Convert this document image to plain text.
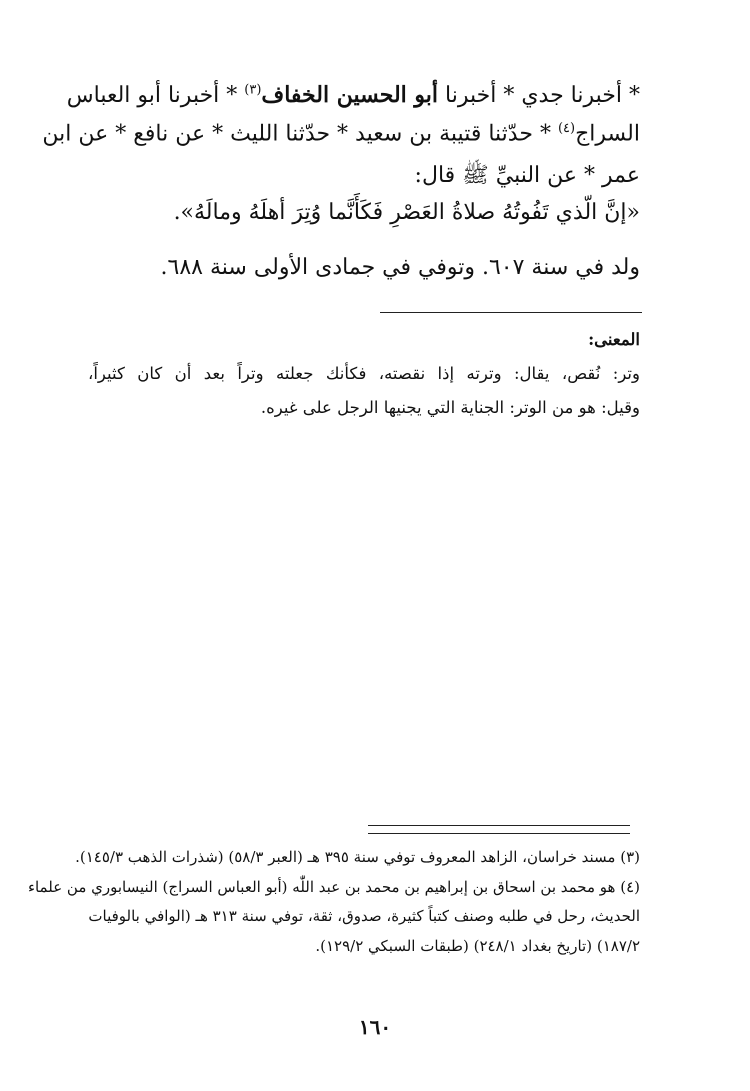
* أخبرنا جدي * أخبرنا أبو الحسين الخفاف$^{(٣)}$ * أخبرنا أبو العباس
السراج$^{(٤)}$ * حدّثنا قتيبة بن سعيد * حدّثنا الليث * عن نافع * عن ابن
عمر * عن النبيِّ ﷺ قال:
«إنَّ الّذي تَفُوتُهُ صلاةُ العَصْرِ فَكَأَنَّما وُتِرَ أهلَهُ ومالَهُ».
ولد في سنة ٦٠٧. وتوفي في جمادى الأولى سنة ٦٨٨.
المعنى:
وتر: نُقص، يقال: وترته إذا نقصته، فكأنك جعلته وتراً بعد أن كان كثيراً،
وقيل: هو من الوتر: الجناية التي يجنيها الرجل على غيره.
(٣) مسند خراسان، الزاهد المعروف توفي سنة ٣٩٥ هـ (العبر ٥٨/٣) (شذرات الذهب ١٤٥/٣).
(٤) هو محمد بن اسحاق بن إبراهيم بن محمد بن عبد اللّٰه (أبو العباس السراج) النيسابوري من علماء
الحديث، رحل في طلبه وصنف كتباً كثيرة، صدوق، ثقة، توفي سنة ٣١٣ هـ (الوافي بالوفيات
١٨٧/٢) (تاريخ بغداد ٢٤٨/١) (طبقات السبكي ١٢٩/٢).
١٦٠
